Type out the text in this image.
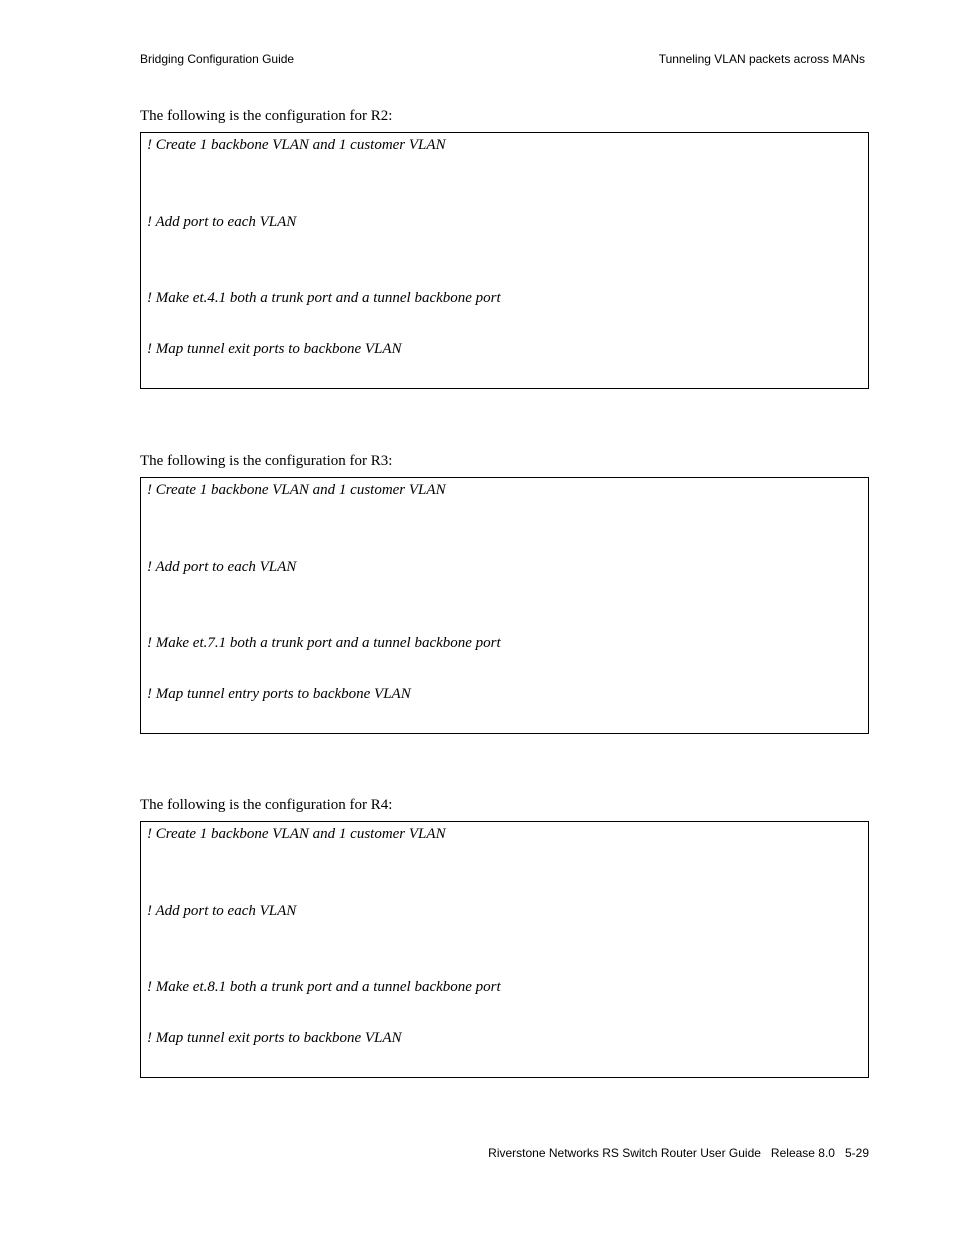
Bridging Configuration Guide	Tunneling VLAN packets across MANs
The following is the configuration for R2:
! Create 1 backbone VLAN and 1 customer VLAN
! Add port to each VLAN
! Make et.4.1 both a trunk port and a tunnel backbone port
! Map tunnel exit ports to backbone VLAN
The following is the configuration for R3:
! Create 1 backbone VLAN and 1 customer VLAN
! Add port to each VLAN
! Make et.7.1 both a trunk port and a tunnel backbone port
! Map tunnel entry ports to backbone VLAN
The following is the configuration for R4:
! Create 1 backbone VLAN and 1 customer VLAN
! Add port to each VLAN
! Make et.8.1 both a trunk port and a tunnel backbone port
! Map tunnel exit ports to backbone VLAN
Riverstone Networks RS Switch Router User Guide   Release 8.0   5-29
